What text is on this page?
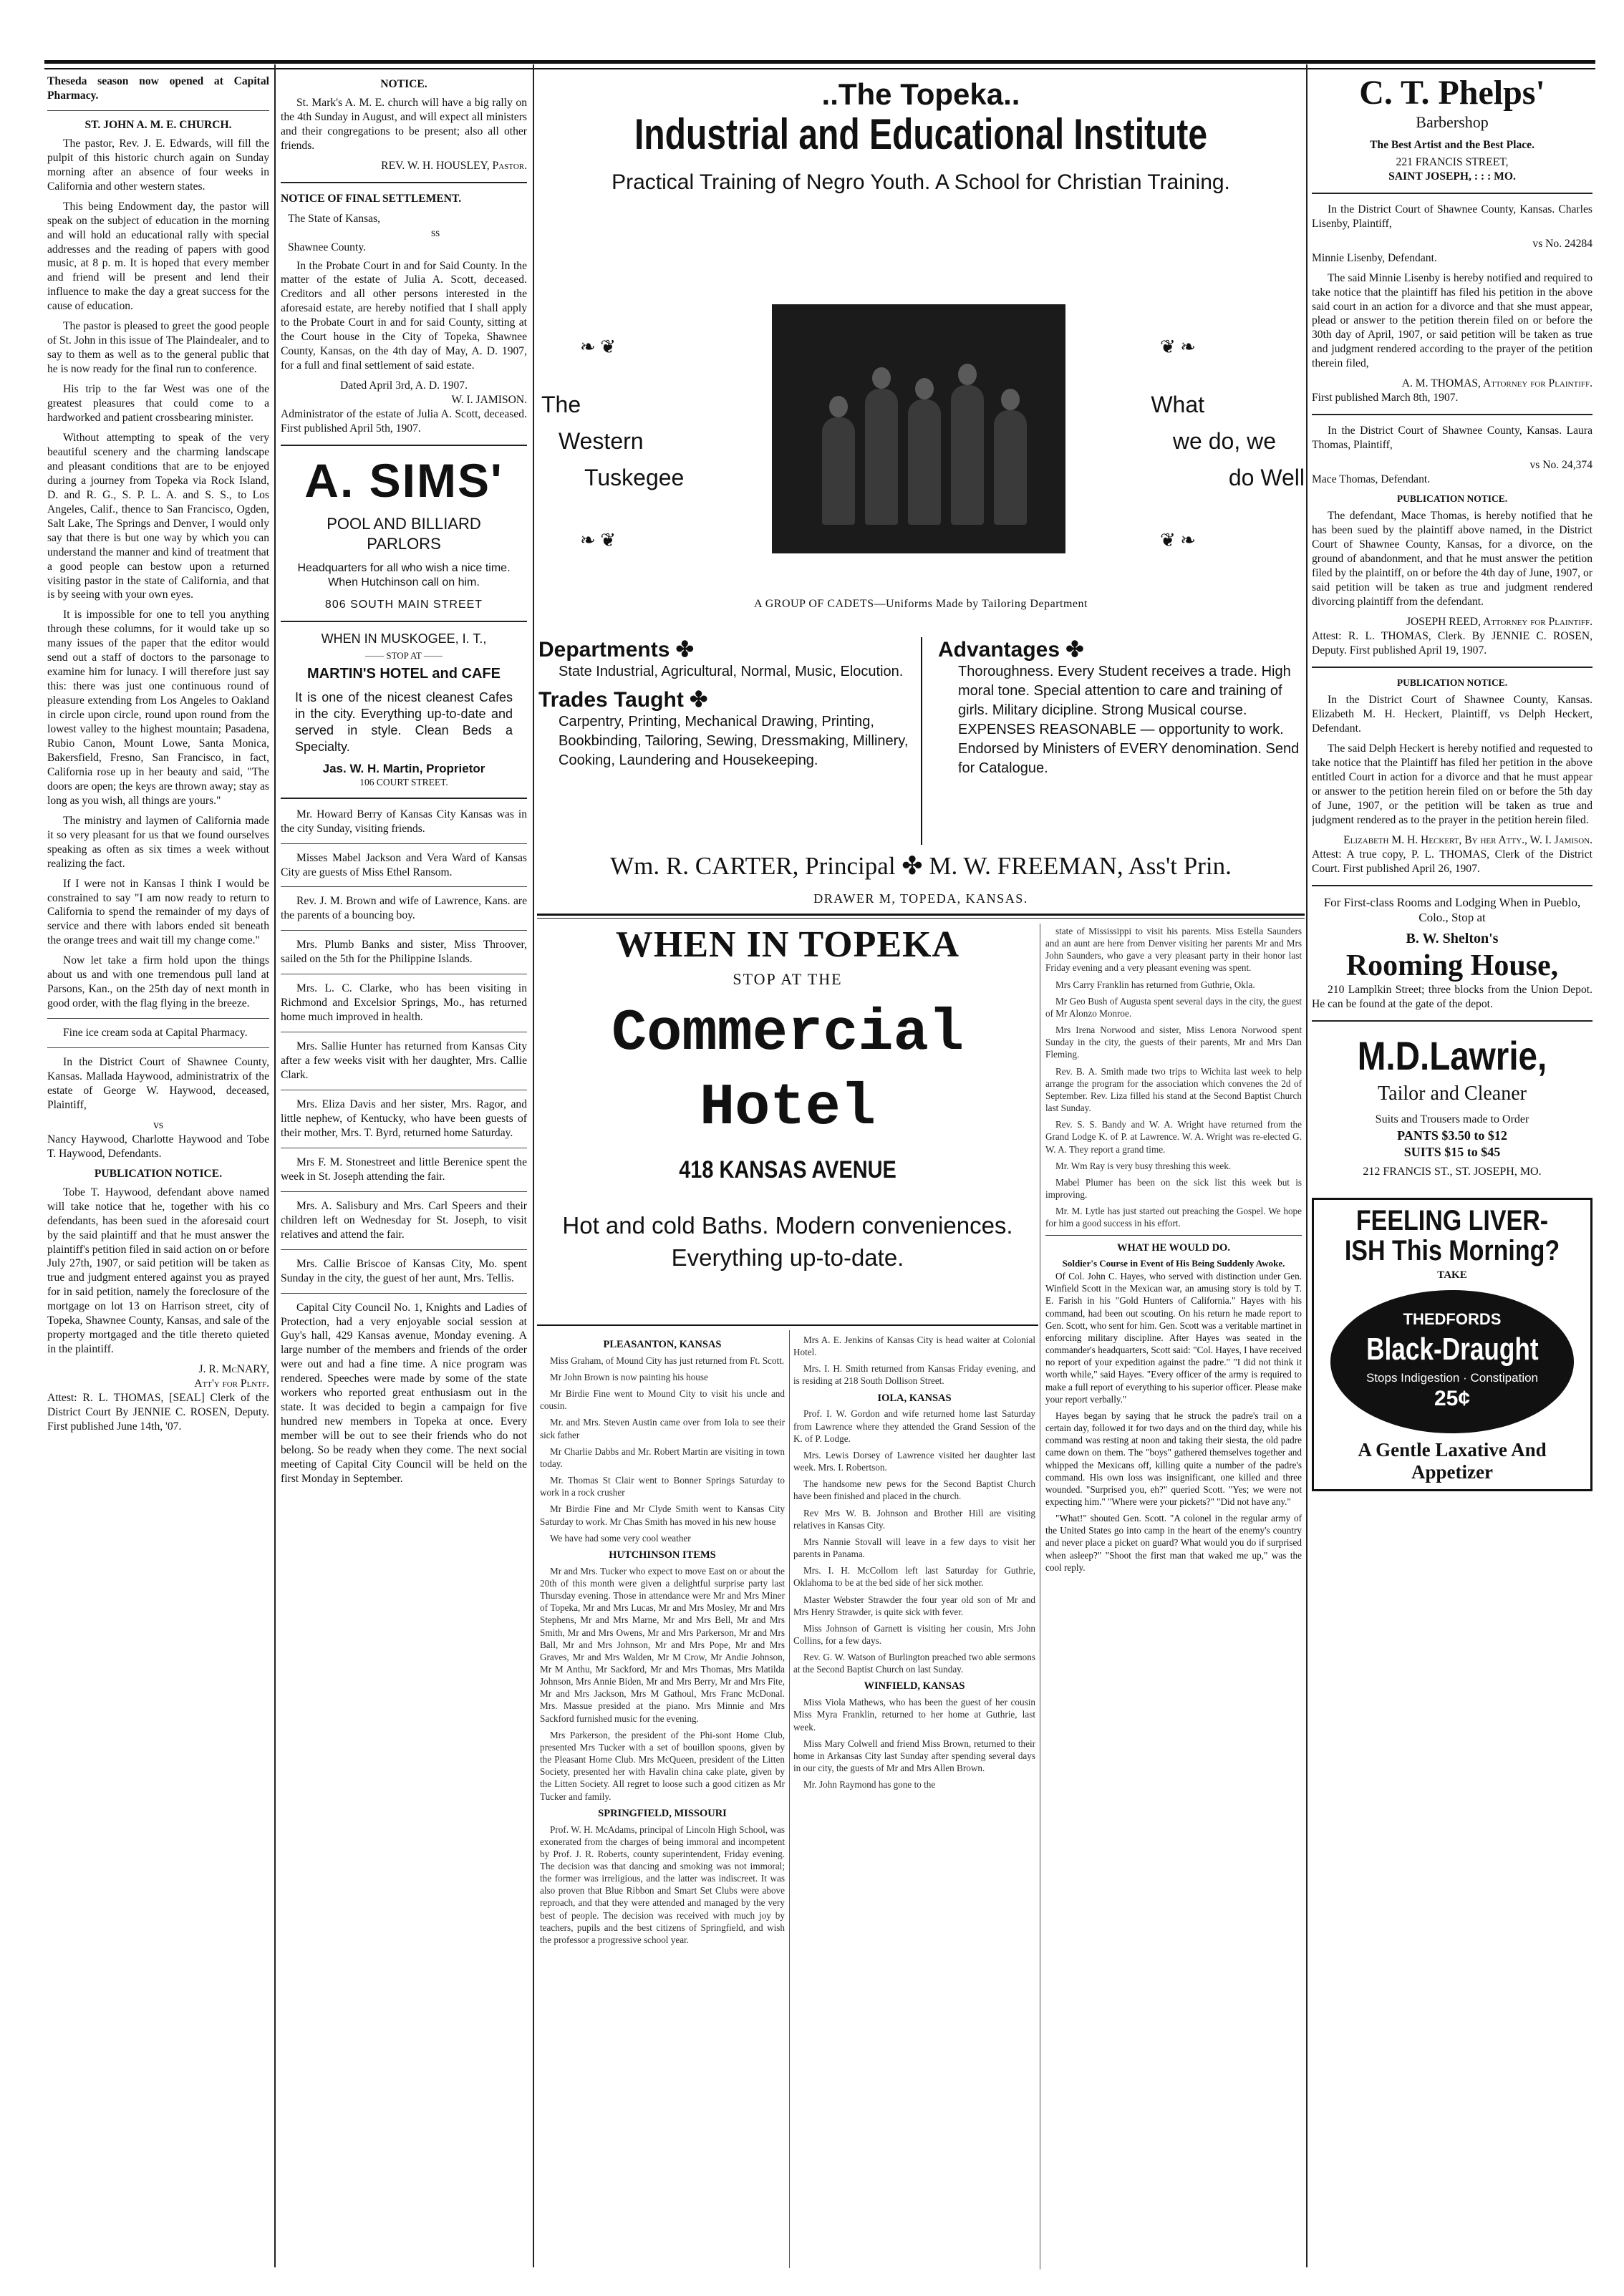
Theseda season now opened at Capital Pharmacy.

ST. JOHN A. M. E. CHURCH.

The pastor, Rev. J. E. Edwards, will fill the pulpit of this historic church again on Sunday morning after an absence of four weeks in California and other western states.

This being Endowment day, the pastor will speak on the subject of education in the morning and will hold an educational rally with special addresses and the reading of papers with good music, at 8 p. m. It is hoped that every member and friend will be present and lend their influence to make the day a great success for the cause of education.

The pastor is pleased to greet the good people of St. John in this issue of The Plaindealer, and to say to them as well as to the general public that he is now ready for the final run to conference.

His trip to the far West was one of the greatest pleasures that could come to a hardworked and patient crossbearing minister.

Without attempting to speak of the very beautiful scenery and the charming landscape and pleasant conditions that are to be enjoyed during a journey from Topeka via Rock Island, D. and R. G., S. P. L. A. and S. S., to Los Angeles, Calif., thence to San Francisco, Ogden, Salt Lake, The Springs and Denver, I would only say that there is but one way by which you can understand the manner and kind of treatment that a good people can bestow upon a returned visiting pastor in the state of California, and that is by seeing with your own eyes.

It is impossible for one to tell you anything through these columns, for it would take up so many issues of the paper that the editor would send out a staff of doctors to the parsonage to examine him for lunacy. I will therefore just say this: there was just one continuous round of pleasure extending from Los Angeles to Oakland in circle upon circle, round upon round from the lowest valley to the highest mountain; Pasadena, Rubio Canon, Mount Lowe, Santa Monica, Bakersfield, Fresno, San Francisco, in fact, California rose up in her beauty and said, "The doors are open; the keys are thrown away; stay as long as you wish, all things are yours."

The ministry and laymen of California made it so very pleasant for us that we found ourselves speaking as often as six times a week without realizing the fact.

If I were not in Kansas I think I would be constrained to say "I am now ready to return to California to spend the remainder of my days of service and there with labors ended sit beneath the orange trees and wait till my change come."

Now let take a firm hold upon the things about us and with one tremendous pull land at Parsons, Kan., on the 25th day of next month in good order, with the flag flying in the breeze.

Fine ice cream soda at Capital Pharmacy.

In the District Court of Shawnee County, Kansas. Mallada Haywood, administratrix of the estate of George W. Haywood, deceased, Plaintiff,

vs

Nancy Haywood, Charlotte Haywood and Tobe T. Haywood, Defendants.

PUBLICATION NOTICE.

Tobe T. Haywood, defendant above named will take notice that he, together with his co defendants, has been sued in the aforesaid court by the said plaintiff and that he must answer the plaintiff's petition filed in said action on or before July 27th, 1907, or said petition will be taken as true and judgment entered against you as prayed for in said petition, namely the foreclosure of the mortgage on lot 13 on Harrison street, city of Topeka, Shawnee County, Kansas, and sale of the property mortgaged and the title thereto quieted in the plaintiff.

J. R. McNARY,
Att'y for Plntf.

Attest: R. L. THOMAS, [SEAL] Clerk of the District Court By JENNIE C. ROSEN, Deputy. First published June 14th, '07.

NOTICE.

St. Mark's A. M. E. church will have a big rally on the 4th Sunday in August, and will expect all ministers and their congregations to be present; also all other friends.

REV. W. H. HOUSLEY, Pastor.
NOTICE OF FINAL SETTLEMENT.
The State of Kansas,
ss
Shawnee County.

In the Probate Court in and for Said County. In the matter of the estate of Julia A. Scott, deceased. Creditors and all other persons interested in the aforesaid estate, are hereby notified that I shall apply to the Probate Court in and for said County, sitting at the Court house in the City of Topeka, Shawnee County, Kansas, on the 4th day of May, A. D. 1907, for a full and final settlement of said estate.

Dated April 3rd, A. D. 1907.
W. I. JAMISON.

Administrator of the estate of Julia A. Scott, deceased. First published April 5th, 1907.

A. SIMS'
POOL AND BILLIARD
PARLORS
Headquarters for all who wish a nice time. When Hutchinson call on him.
806 SOUTH MAIN STREET
WHEN IN MUSKOGEE, I. T.,
—— STOP AT ——
MARTIN'S HOTEL and CAFE
It is one of the nicest cleanest Cafes in the city. Everything up-to-date and served in style. Clean Beds a Specialty.
Jas. W. H. Martin, Proprietor
106 COURT STREET.

Mr. Howard Berry of Kansas City Kansas was in the city Sunday, visiting friends.

Misses Mabel Jackson and Vera Ward of Kansas City are guests of Miss Ethel Ransom.

Rev. J. M. Brown and wife of Lawrence, Kans. are the parents of a bouncing boy.

Mrs. Plumb Banks and sister, Miss Throover, sailed on the 5th for the Philippine Islands.

Mrs. L. C. Clarke, who has been visiting in Richmond and Excelsior Springs, Mo., has returned home much improved in health.

Mrs. Sallie Hunter has returned from Kansas City after a few weeks visit with her daughter, Mrs. Callie Clark.

Mrs. Eliza Davis and her sister, Mrs. Ragor, and little nephew, of Kentucky, who have been guests of their mother, Mrs. T. Byrd, returned home Saturday.

Mrs F. M. Stonestreet and little Berenice spent the week in St. Joseph attending the fair.

Mrs. A. Salisbury and Mrs. Carl Speers and their children left on Wednesday for St. Joseph, to visit relatives and attend the fair.

Mrs. Callie Briscoe of Kansas City, Mo. spent Sunday in the city, the guest of her aunt, Mrs. Tellis.

Capital City Council No. 1, Knights and Ladies of Protection, had a very enjoyable social session at Guy's hall, 429 Kansas avenue, Monday evening. A large number of the members and friends of the order were out and had a fine time. A nice program was rendered. Speeches were made by some of the state workers who reported great enthusiasm out in the state. It was decided to begin a campaign for five hundred new members in Topeka at once. Every member will be out to see their friends who do not belong. So be ready when they come. The next social meeting of Capital City Council will be held on the first Monday in September.

..The Topeka..
Industrial and Educational Institute
Practical Training of Negro Youth. A School for Christian Training.
❧ ❦	❦ ❧
The
Western
Tuskegee
What
we do, we
do Well
❧ ❦	❦ ❧
A GROUP OF CADETS—Uniforms Made by Tailoring Department
Departments ✤
State Industrial, Agricultural, Normal, Music, Elocution.
Trades Taught ✤
Carpentry, Printing, Mechanical Drawing, Printing, Bookbinding, Tailoring, Sewing, Dressmaking, Millinery, Cooking, Laundering and Housekeeping.
Advantages ✤
Thoroughness. Every Student receives a trade. High moral tone. Special attention to care and training of girls. Military dicipline. Strong Musical course. EXPENSES REASONABLE — opportunity to work. Endorsed by Ministers of EVERY denomination. Send for Catalogue.
Wm. R. CARTER, Principal ✤ M. W. FREEMAN, Ass't Prin.
DRAWER M, TOPEDA, KANSAS.
WHEN IN TOPEKA
STOP AT THE
Commercial
Hotel
418 KANSAS AVENUE
Hot and cold Baths. Modern conveniences. Everything up-to-date.
PLEASANTON, KANSAS

Miss Graham, of Mound City has just returned from Ft. Scott.

Mr John Brown is now painting his house

Mr Birdie Fine went to Mound City to visit his uncle and cousin.

Mr. and Mrs. Steven Austin came over from Iola to see their sick father

Mr Charlie Dabbs and Mr. Robert Martin are visiting in town today.

Mr. Thomas St Clair went to Bonner Springs Saturday to work in a rock crusher

Mr Birdie Fine and Mr Clyde Smith went to Kansas City Saturday to work. Mr Chas Smith has moved in his new house

We have had some very cool weather

HUTCHINSON ITEMS

Mr and Mrs. Tucker who expect to move East on or about the 20th of this month were given a delightful surprise party last Thursday evening. Those in attendance were Mr and Mrs Miner of Topeka, Mr and Mrs Lucas, Mr and Mrs Mosley, Mr and Mrs Stephens, Mr and Mrs Marne, Mr and Mrs Bell, Mr and Mrs Smith, Mr and Mrs Owens, Mr and Mrs Parkerson, Mr and Mrs Ball, Mr and Mrs Johnson, Mr and Mrs Pope, Mr and Mrs Graves, Mr and Mrs Walden, Mr M Crow, Mr Andie Johnson, Mr M Anthu, Mr Sackford, Mr and Mrs Thomas, Mrs Matilda Johnson, Mrs Annie Biden, Mr and Mrs Berry, Mr and Mrs Fite, Mr and Mrs Jackson, Mrs M Gathoul, Mrs Franc McDonal. Mrs. Massue presided at the piano. Mrs Minnie and Mrs Sackford furnished music for the evening.

Mrs Parkerson, the president of the Phi-sont Home Club, presented Mrs Tucker with a set of bouillon spoons, given by the Pleasant Home Club. Mrs McQueen, president of the Litten Society, presented her with Havalin china cake plate, given by the Litten Society. All regret to loose such a good citizen as Mr Tucker and family.

SPRINGFIELD, MISSOURI

Prof. W. H. McAdams, principal of Lincoln High School, was exonerated from the charges of being immoral and incompetent by Prof. J. R. Roberts, county superintendent, Friday evening. The decision was that dancing and smoking was not immoral; the former was irreligious, and the latter was indiscreet. It was also proven that Blue Ribbon and Smart Set Clubs were above reproach, and that they were attended and managed by the very best of people. The decision was received with much joy by teachers, pupils and the best citizens of Springfield, and wish the professor a progressive school year.

Mrs A. E. Jenkins of Kansas City is head waiter at Colonial Hotel.

Mrs. I. H. Smith returned from Kansas Friday evening, and is residing at 218 South Dollison Street.

IOLA, KANSAS

Prof. I. W. Gordon and wife returned home last Saturday from Lawrence where they attended the Grand Session of the K. of P. Lodge.

Mrs. Lewis Dorsey of Lawrence visited her daughter last week. Mrs. I. Robertson.

The handsome new pews for the Second Baptist Church have been finished and placed in the church.

Rev Mrs W. B. Johnson and Brother Hill are visiting relatives in Kansas City.

Mrs Nannie Stovall will leave in a few days to visit her parents in Panama.

Mrs. I. H. McCollom left last Saturday for Guthrie, Oklahoma to be at the bed side of her sick mother.

Master Webster Strawder the four year old son of Mr and Mrs Henry Strawder, is quite sick with fever.

Miss Johnson of Garnett is visiting her cousin, Mrs John Collins, for a few days.

Rev. G. W. Watson of Burlington preached two able sermons at the Second Baptist Church on last Sunday.

WINFIELD, KANSAS

Miss Viola Mathews, who has been the guest of her cousin Miss Myra Franklin, returned to her home at Guthrie, last week.

Miss Mary Colwell and friend Miss Brown, returned to their home in Arkansas City last Sunday after spending several days in our city, the guests of Mr and Mrs Allen Brown.

Mr. John Raymond has gone to the

state of Mississippi to visit his parents. Miss Estella Saunders and an aunt are here from Denver visiting her parents Mr and Mrs John Saunders, who gave a very pleasant party in their honor last Friday evening and a very pleasant evening was spent.

Mrs Carry Franklin has returned from Guthrie, Okla.

Mr Geo Bush of Augusta spent several days in the city, the guest of Mr Alonzo Monroe.

Mrs Irena Norwood and sister, Miss Lenora Norwood spent Sunday in the city, the guests of their parents, Mr and Mrs Dan Fleming.

Rev. B. A. Smith made two trips to Wichita last week to help arrange the program for the association which convenes the 2d of September. Rev. Liza filled his stand at the Second Baptist Church last Sunday.

Rev. S. S. Bandy and W. A. Wright have returned from the Grand Lodge K. of P. at Lawrence. W. A. Wright was re-elected G. W. A. They report a grand time.

Mr. Wm Ray is very busy threshing this week.

Mabel Plumer has been on the sick list this week but is improving.

Mr. M. Lytle has just started out preaching the Gospel. We hope for him a good success in his effort.

WHAT HE WOULD DO.
Soldier's Course in Event of His Being Suddenly Awoke.

Of Col. John C. Hayes, who served with distinction under Gen. Winfield Scott in the Mexican war, an amusing story is told by T. E. Farish in his "Gold Hunters of California." Hayes with his command, had been out scouting. On his return he made report to Gen. Scott, who sent for him. Gen. Scott was a veritable martinet in enforcing military discipline. After Hayes was seated in the commander's headquarters, Scott said: "Col. Hayes, I have received no report of your expedition against the padre." "I did not think it worth while," said Hayes. "Every officer of the army is required to make a full report of everything to his superior officer. Please make your report verbally."

Hayes began by saying that he struck the padre's trail on a certain day, followed it for two days and on the third day, while his command was resting at noon and taking their siesta, the old padre came down on them. The "boys" gathered themselves together and whipped the Mexicans off, killing quite a number of the padre's command. His own loss was insignificant, one killed and three wounded. "Surprised you, eh?" queried Scott. "Yes; we were not expecting him." "Where were your pickets?" "Did not have any."

"What!" shouted Gen. Scott. "A colonel in the regular army of the United States go into camp in the heart of the enemy's country and never place a picket on guard? What would you do if surprised when asleep?" "Shoot the first man that waked me up," was the cool reply.

C. T. Phelps'
Barbershop
The Best Artist and the Best Place.
221 FRANCIS STREET,
SAINT JOSEPH, : : : MO.

In the District Court of Shawnee County, Kansas. Charles Lisenby, Plaintiff,

vs No. 24284

Minnie Lisenby, Defendant.

The said Minnie Lisenby is hereby notified and required to take notice that the plaintiff has filed his petition in the above said court in an action for a divorce and that she must appear, plead or answer to the petition therein filed on or before the 30th day of April, 1907, or said petition will be taken as true and judgment rendered according to the prayer of the petition therein filed,

A. M. THOMAS, Attorney for Plaintiff.

First published March 8th, 1907.

In the District Court of Shawnee County, Kansas. Laura Thomas, Plaintiff,

vs No. 24,374

Mace Thomas, Defendant.

PUBLICATION NOTICE.

The defendant, Mace Thomas, is hereby notified that he has been sued by the plaintiff above named, in the District Court of Shawnee County, Kansas, for a divorce, on the ground of abandonment, and that he must answer the petition filed by the plaintiff, on or before the 4th day of June, 1907, or said petition will be taken as true and judgment rendered divorcing plaintiff from the defendant.

JOSEPH REED, Attorney for Plaintiff.

Attest: R. L. THOMAS, Clerk. By JENNIE C. ROSEN, Deputy. First published April 19, 1907.

PUBLICATION NOTICE.

In the District Court of Shawnee County, Kansas. Elizabeth M. H. Heckert, Plaintiff, vs Delph Heckert, Defendant.

The said Delph Heckert is hereby notified and requested to take notice that the Plaintiff has filed her petition in the above entitled Court in action for a divorce and that he must appear or answer to the petition herein filed on or before the 5th day of June, 1907, or the petition will be taken as true and judgment rendered as to the prayer in the petition herein filed.

Elizabeth M. H. Heckert, By her Atty., W. I. Jamison.

Attest: A true copy, P. L. THOMAS, Clerk of the District Court. First published April 26, 1907.

For First-class Rooms and Lodging When in Pueblo, Colo., Stop at
B. W. Shelton's
Rooming House,

210 Lamplkin Street; three blocks from the Union Depot. He can be found at the gate of the depot.

M.D.Lawrie,
Tailor and Cleaner
Suits and Trousers made to Order
PANTS $3.50 to $12
SUITS $15 to $45
212 FRANCIS ST., ST. JOSEPH, MO.
FEELING LIVER-ISH This Morning?
TAKE
THEDFORDS
Black-Draught
Stops Indigestion · Constipation
25¢
A Gentle Laxative And Appetizer
